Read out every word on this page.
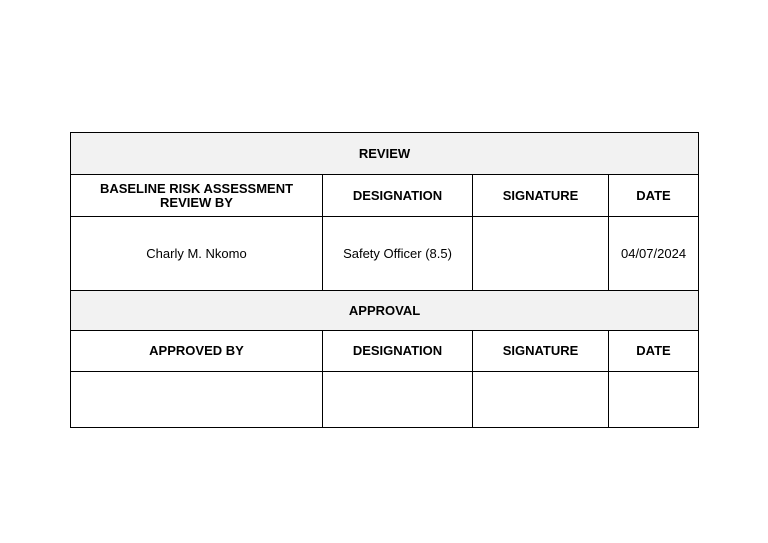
REVIEW			
BASELINE RISK ASSESSMENT REVIEW BY	DESIGNATION	SIGNATURE	DATE
Charly M. Nkomo	Safety Officer (8.5)		04/07/2024
APPROVAL			
APPROVED BY	DESIGNATION	SIGNATURE	DATE
